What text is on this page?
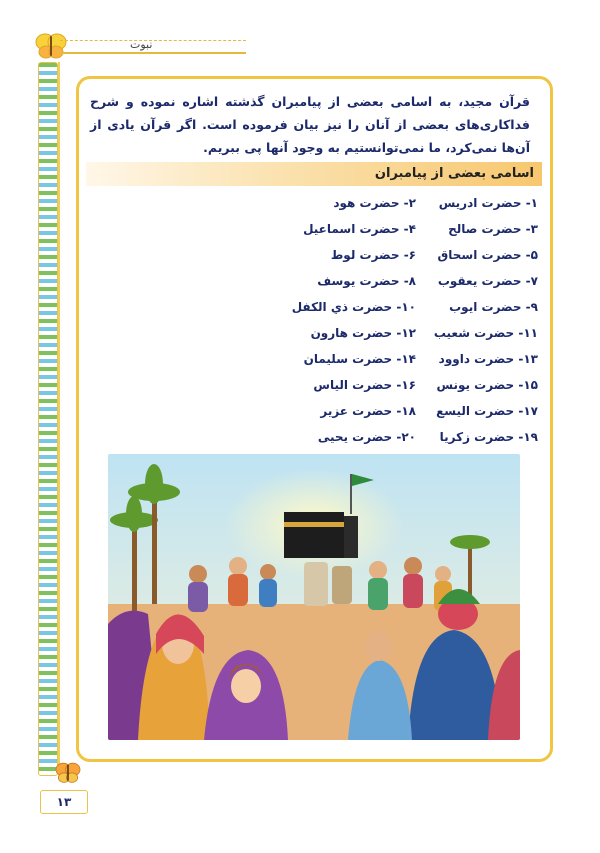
نبوت
قرآن مجید، به اسامی بعضی از پیامبران گذشته اشاره نموده و شرح فداکاری‌های بعضی از آنان را نیز بیان فرموده است. اگر قرآن یادی از آن‌ها نمی‌کرد، ما نمی‌توانستیم به وجود آنها پی ببریم.
اسامی بعضی از پیامبران
۱- حضرت ادریس
۲- حضرت هود
۳- حضرت صالح
۴- حضرت اسماعیل
۵- حضرت اسحاق
۶- حضرت لوط
۷- حضرت یعقوب
۸- حضرت یوسف
۹- حضرت ایوب
۱۰- حضرت ذي الكفل
۱۱- حضرت شعیب
۱۲- حضرت هارون
۱۳- حضرت داوود
۱۴- حضرت سلیمان
۱۵- حضرت یونس
۱۶- حضرت الیاس
۱۷- حضرت الیسع
۱۸- حضرت عزیر
۱۹- حضرت زکریا
۲۰- حضرت یحیی
۱۳
